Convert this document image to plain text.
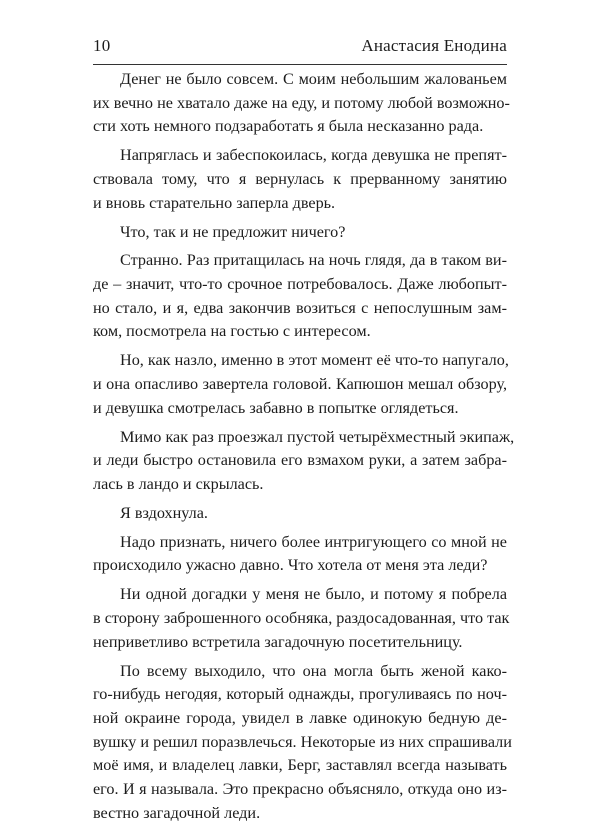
10	Анастасия Енодина
Денег не было совсем. С моим небольшим жалованьем
их вечно не хватало даже на еду, и потому любой возможно-
сти хоть немного подзаработать я была несказанно рада.
Напряглась и забеспокоилась, когда девушка не препят-
ствовала тому, что я вернулась к прерванному занятию
и вновь старательно заперла дверь.
Что, так и не предложит ничего?
Странно. Раз притащилась на ночь глядя, да в таком ви-
де – значит, что-то срочное потребовалось. Даже любопыт-
но стало, и я, едва закончив возиться с непослушным зам-
ком, посмотрела на гостью с интересом.
Но, как назло, именно в этот момент её что-то напугало,
и она опасливо завертела головой. Капюшон мешал обзору,
и девушка смотрелась забавно в попытке оглядеться.
Мимо как раз проезжал пустой четырёхместный экипаж,
и леди быстро остановила его взмахом руки, а затем забра-
лась в ландо и скрылась.
Я вздохнула.
Надо признать, ничего более интригующего со мной не
происходило ужасно давно. Что хотела от меня эта леди?
Ни одной догадки у меня не было, и потому я побрела
в сторону заброшенного особняка, раздосадованная, что так
неприветливо встретила загадочную посетительницу.
По всему выходило, что она могла быть женой како-
го-нибудь негодяя, который однажды, прогуливаясь по ноч-
ной окраине города, увидел в лавке одинокую бедную де-
вушку и решил поразвлечься. Некоторые из них спрашивали
моё имя, и владелец лавки, Берг, заставлял всегда называть
его. И я называла. Это прекрасно объясняло, откуда оно из-
вестно загадочной леди.
